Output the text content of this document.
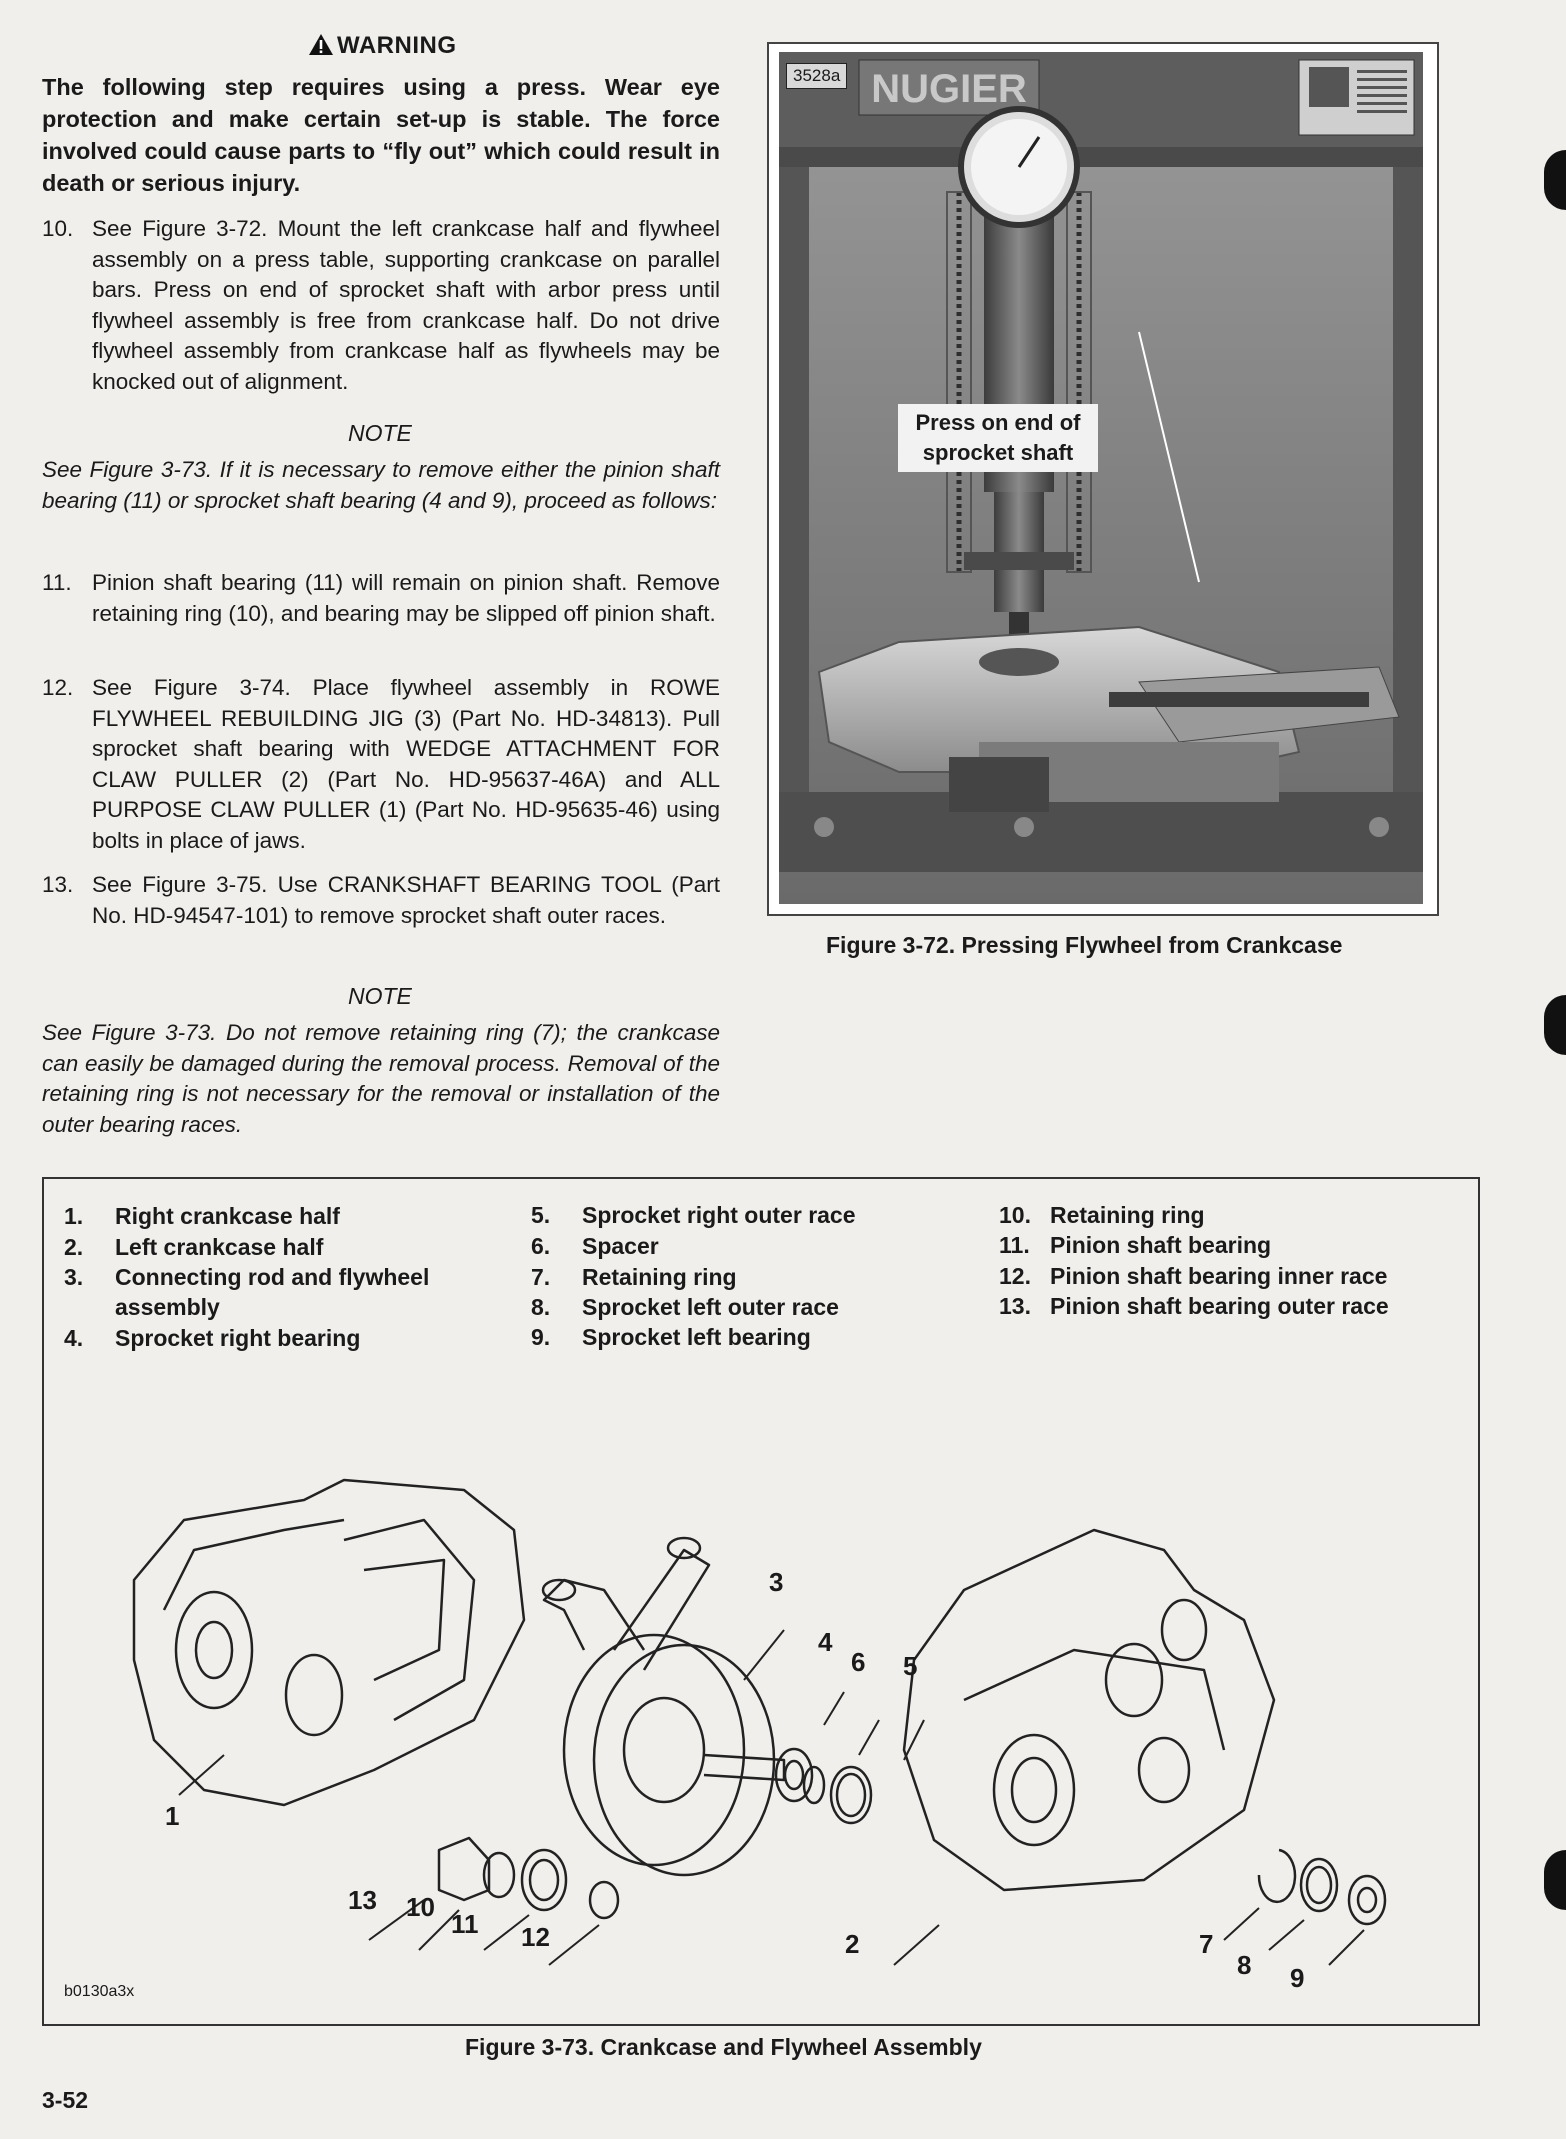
WARNING
The following step requires using a press. Wear eye protection and make certain set-up is stable. The force involved could cause parts to “fly out” which could result in death or serious injury.
10. See Figure 3-72. Mount the left crankcase half and flywheel assembly on a press table, supporting crankcase on parallel bars. Press on end of sprocket shaft with arbor press until flywheel assembly is free from crankcase half. Do not drive flywheel assembly from crankcase half as flywheels may be knocked out of alignment.
NOTE
See Figure 3-73. If it is necessary to remove either the pinion shaft bearing (11) or sprocket shaft bearing (4 and 9), proceed as follows:
11. Pinion shaft bearing (11) will remain on pinion shaft. Remove retaining ring (10), and bearing may be slipped off pinion shaft.
12. See Figure 3-74. Place flywheel assembly in ROWE FLYWHEEL REBUILDING JIG (3) (Part No. HD-34813). Pull sprocket shaft bearing with WEDGE ATTACHMENT FOR CLAW PULLER (2) (Part No. HD-95637-46A) and ALL PURPOSE CLAW PULLER (1) (Part No. HD-95635-46) using bolts in place of jaws.
13. See Figure 3-75. Use CRANKSHAFT BEARING TOOL (Part No. HD-94547-101) to remove sprocket shaft outer races.
NOTE
See Figure 3-73. Do not remove retaining ring (7); the crankcase can easily be damaged during the removal process. Removal of the retaining ring is not necessary for the removal or installation of the outer bearing races.
NUGIER
3528a
Press on end of sprocket shaft
Figure 3-72. Pressing Flywheel from Crankcase
1. Right crankcase half
2. Left crankcase half
3.	Connecting rod and flywheel assembly
4. Sprocket right bearing
5. Sprocket right outer race
6. Spacer
7. Retaining ring
8. Sprocket left outer race
9. Sprocket left bearing
10. Retaining ring
11. Pinion shaft bearing
12. Pinion shaft bearing inner race
13. Pinion shaft bearing outer race
1
2
3
4
5
6
7
8 9
10
11 12
13
b0130a3x
Figure 3-73. Crankcase and Flywheel Assembly
3-52
